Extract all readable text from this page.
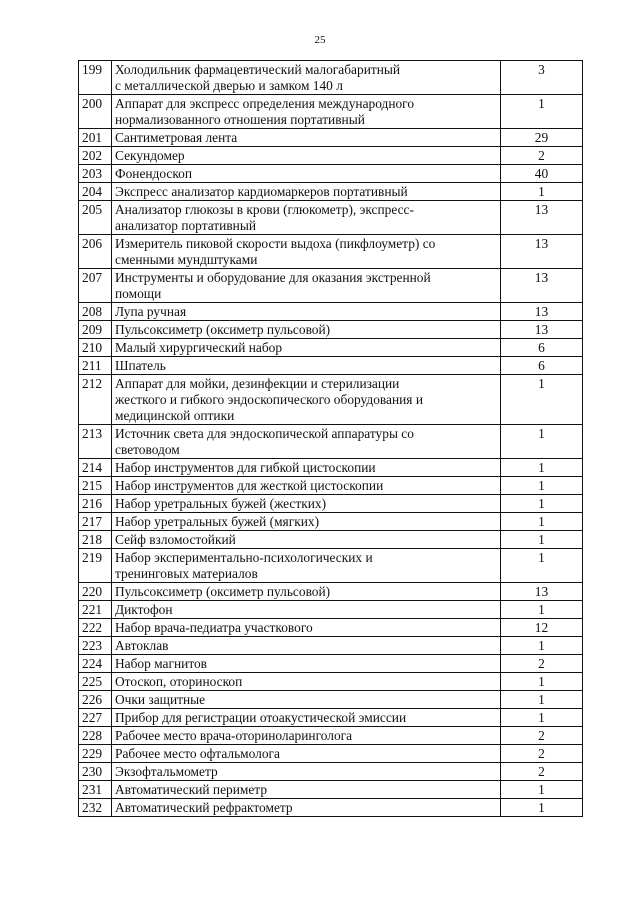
25
199	Холодильник фармацевтический малогабаритный
с металлической дверью и замком 140 л	3
200	Аппарат для экспресс определения международного
нормализованного отношения портативный	1
201	Сантиметровая лента	29
202	Секундомер	2
203	Фонендоскоп	40
204	Экспресс анализатор кардиомаркеров портативный	1
205	Анализатор глюкозы в крови (глюкометр), экспресс-
анализатор портативный	13
206	Измеритель пиковой скорости выдоха (пикфлоуметр) со
сменными мундштуками	13
207	Инструменты и оборудование для оказания экстренной
помощи	13
208	Лупа ручная	13
209	Пульсоксиметр (оксиметр пульсовой)	13
210	Малый хирургический набор	6
211	Шпатель	6
212	Аппарат для мойки, дезинфекции и стерилизации
жесткого и гибкого эндоскопического оборудования и
медицинской оптики	1
213	Источник света для эндоскопической аппаратуры со
световодом	1
214	Набор инструментов для гибкой цистоскопии	1
215	Набор инструментов для жесткой цистоскопии	1
216	Набор уретральных бужей (жестких)	1
217	Набор уретральных бужей (мягких)	1
218	Сейф взломостойкий	1
219	Набор экспериментально-психологических и
тренинговых материалов	1
220	Пульсоксиметр (оксиметр пульсовой)	13
221	Диктофон	1
222	Набор врача-педиатра участкового	12
223	Автоклав	1
224	Набор магнитов	2
225	Отоскоп, оториноскоп	1
226	Очки защитные	1
227	Прибор для регистрации отоакустической эмиссии	1
228	Рабочее место врача-оториноларинголога	2
229	Рабочее место офтальмолога	2
230	Экзофтальмометр	2
231	Автоматический периметр	1
232	Автоматический рефрактометр	1
